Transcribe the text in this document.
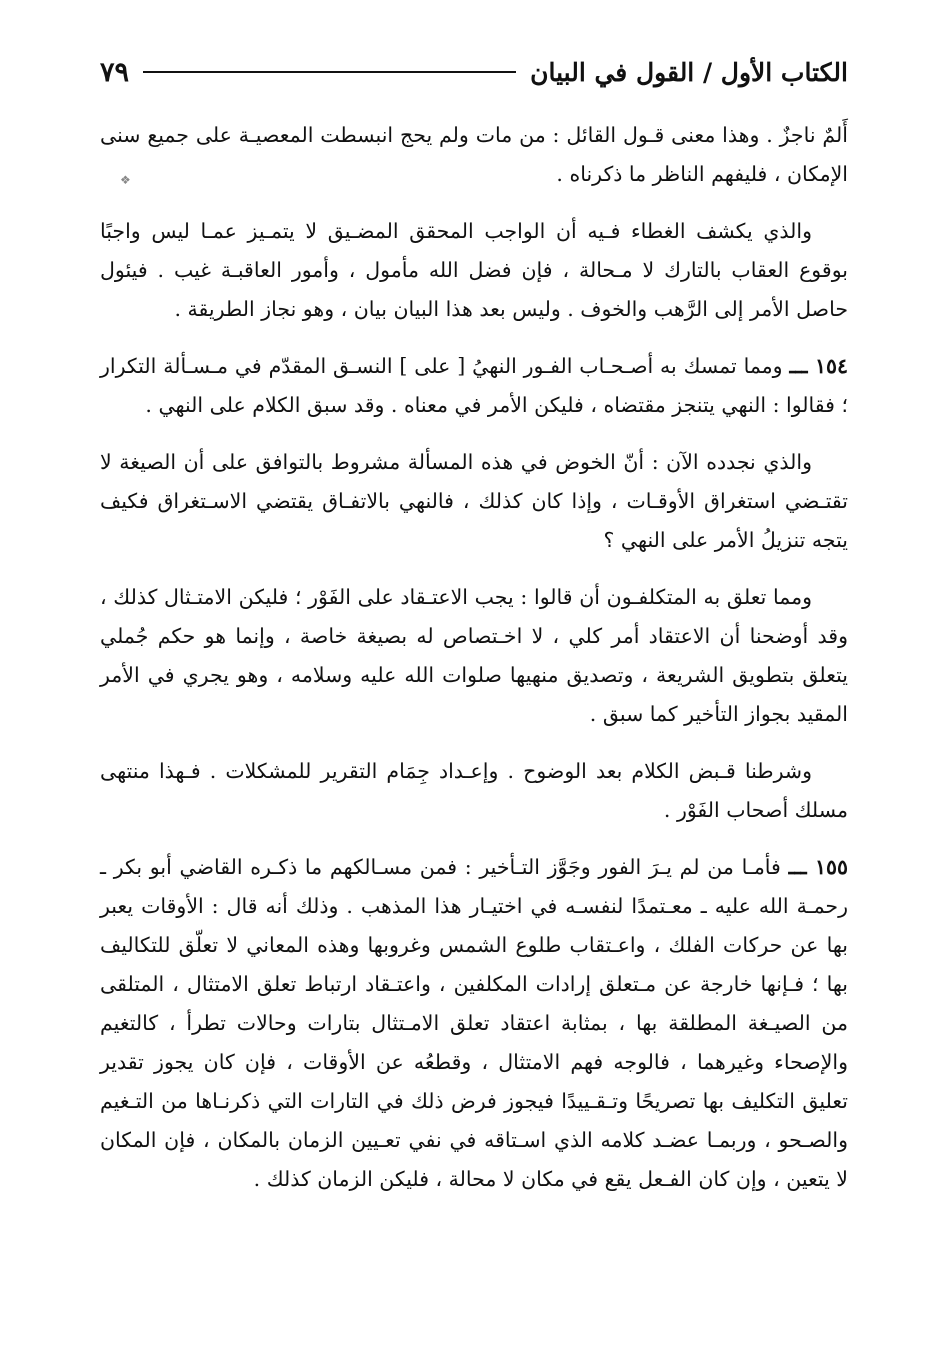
الكتاب الأول / القول في البيان
٧٩
❖

أَلمٌ ناجزٌ . وهذا معنى قـول القائل : من مات ولم يحج انبسطت المعصيـة على جميع سنى الإمكان ، فليفهم الناظر ما ذكرناه .

والذي يكشف الغطاء فـيه أن الواجب المحقق المضـيق لا يتمـيز عمـا ليس واجبًا بوقوع العقاب بالتارك لا مـحالة ، فإن فضل الله مأمول ، وأمور العاقبـة غيب . فيئول حاصل الأمر إلى الرَّهب والخوف . وليس بعد هذا البيان بيان ، وهو نجاز الطريقة .

١٥٤ ـــ ومما تمسك به أصـحـاب الفـور النهيُ [ على ] النسـق المقدّم في مـسـألة التكرار ؛ فقالوا : النهي يتنجز مقتضاه ، فليكن الأمر في معناه . وقد سبق الكلام على النهي .

والذي نجدده الآن : أنّ الخوض في هذه المسألة مشروط بالتوافق على أن الصيغة لا تقتـضي استغراق الأوقـات ، وإذا كان كذلك ، فالنهي بالاتفـاق يقتضي الاسـتغراق فكيف يتجه تنزيلُ الأمر على النهي ؟

ومما تعلق به المتكلفـون أن قالوا : يجب الاعتـقاد على الفَوْر ؛ فليكن الامتـثال كذلك ، وقد أوضحنا أن الاعتقاد أمر كلي ، لا اخـتصاص له بصيغة خاصة ، وإنما هو حكم جُملي يتعلق بتطويق الشريعة ، وتصديق منهيها صلوات الله عليه وسلامه ، وهو يجري في الأمر المقيد بجواز التأخير كما سبق .

وشرطنا قـبض الكلام بعد الوضوح . وإعـداد جِمَام التقرير للمشكلات . فـهذا منتهى مسلك أصحاب الفَوْر .

١٥٥ ـــ فأمـا من لم يـرَ الفور وجَوَّز التـأخير : فمن مسـالكهم ما ذكـره القاضي أبو بكر ـ رحمـة الله عليه ـ معـتمدًا لنفسـه في اختيـار هذا المذهب . وذلك أنه قال : الأوقات يعبر بها عن حركات الفلك ، واعـتقاب طلوع الشمس وغروبها وهذه المعاني لا تعلّق للتكاليف بها ؛ فـإنها خارجة عن مـتعلق إرادات المكلفين ، واعتـقاد ارتباط تعلق الامتثال ، المتلقى من الصيـغة المطلقة بها ، بمثابة اعتقاد تعلق الامـتثال بتارات وحالات تطرأ ، كالتغيم والإصحاء وغيرهما ، فالوجه فهم الامتثال ، وقطعُه عن الأوقات ، فإن كان يجوز تقدير تعليق التكليف بها تصريحًا وتـقـييدًا فيجوز فرض ذلك في التارات التي ذكرنـاها من التـغيم والصـحو ، وربمـا عضـد كلامه الذي اسـتاقه في نفي تعـيين الزمان بالمكان ، فإن المكان لا يتعين ، وإن كان الفـعل يقع في مكان لا محالة ، فليكن الزمان كذلك .
